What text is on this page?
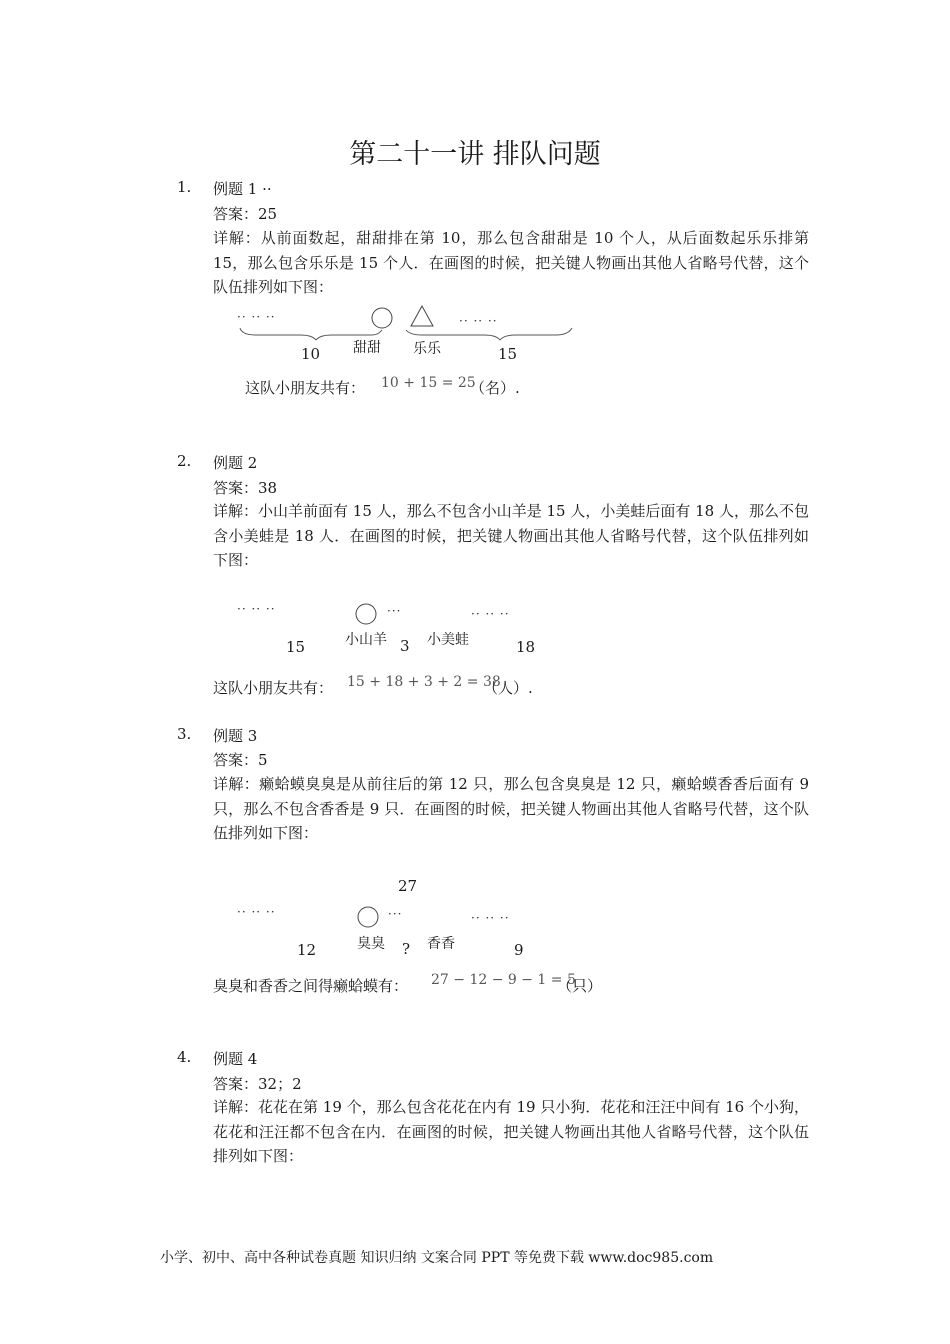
第二十一讲 排队问题
1. 例题 1 ··
答案：25
详解：从前面数起，甜甜排在第 10，那么包含甜甜是 10 个人，从后面数起乐乐排第 15，那么包含乐乐是 15 个人．在画图的时候，把关键人物画出其他人省略号代替，这个队伍排列如下图：
·· ·· ··	·· ·· ··
10 甜甜 乐乐	15
这队小朋友共有： 10 + 15 = 25
（名）.
2. 例题 2
答案：38
详解：小山羊前面有 15 人，那么不包含小山羊是 15 人，小美蛙后面有 18 人，那么不包含小美蛙是 18 人．在画图的时候，把关键人物画出其他人省略号代替，这个队伍排列如下图：
·· ·· ··	···	·· ·· ··
15	小山羊 3 小美蛙	18
这队小朋友共有： 15 + 18 + 3 + 2 = 38
（人）.
3. 例题 3
答案：5
详解：癞蛤蟆臭臭是从前往后的第 12 只，那么包含臭臭是 12 只，癞蛤蟆香香后面有 9 只，那么不包含香香是 9 只．在画图的时候，把关键人物画出其他人省略号代替，这个队伍排列如下图：
27
·· ·· ··	···	·· ·· ··
12	臭臭 ? 香香	9
臭臭和香香之间得癞蛤蟆有： 27 − 12 − 9 − 1 = 5
（只）
4. 例题 4
答案：32；2
详解：花花在第 19 个，那么包含花花在内有 19 只小狗．花花和汪汪中间有 16 个小狗，花花和汪汪都不包含在内．在画图的时候，把关键人物画出其他人省略号代替，这个队伍排列如下图：
小学、初中、高中各种试卷真题 知识归纳 文案合同 PPT 等免费下载 www.doc985.com
